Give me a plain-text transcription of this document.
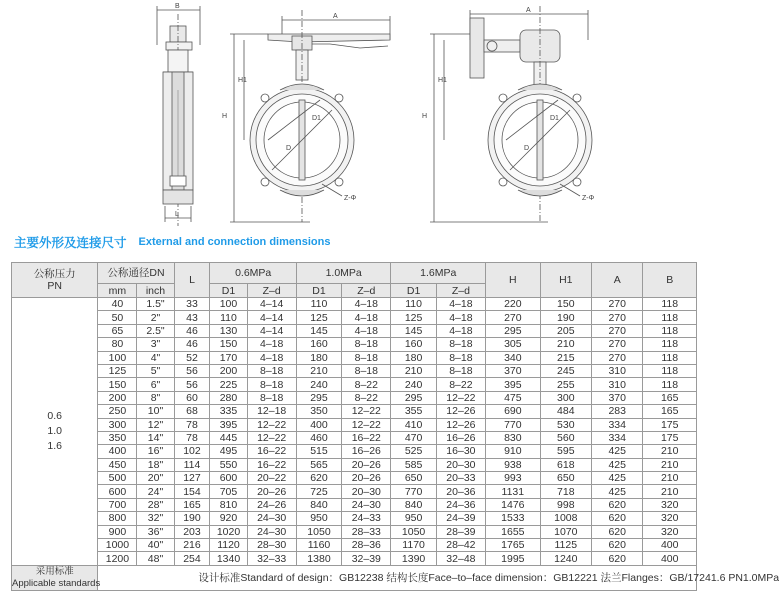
B
L
A
H
H1
D
D1
Z-Φ
A
H
H1
D
D1
Z-Φ
主要外形及连接尺寸 External and connection dimensions
公称压力
PN	公称通径DN		L	0.6MPa		1.0MPa		1.6MPa		H	H1	A	B
	mm	inch		D1	Z–d	D1	Z–d	D1	Z–d				

0.6
1.0
1.6	40	1.5"	33	100	4–14	110	4–18	110	4–18	220	150	270	118
	50	2"	43	110	4–14	125	4–18	125	4–18	270	190	270	118
	65	2.5"	46	130	4–14	145	4–18	145	4–18	295	205	270	118
	80	3"	46	150	4–18	160	8–18	160	8–18	305	210	270	118
	100	4"	52	170	4–18	180	8–18	180	8–18	340	215	270	118
	125	5"	56	200	8–18	210	8–18	210	8–18	370	245	310	118
	150	6"	56	225	8–18	240	8–22	240	8–22	395	255	310	118
	200	8"	60	280	8–18	295	8–22	295	12–22	475	300	370	165
	250	10"	68	335	12–18	350	12–22	355	12–26	690	484	283	165
	300	12"	78	395	12–22	400	12–22	410	12–26	770	530	334	175
	350	14"	78	445	12–22	460	16–22	470	16–26	830	560	334	175
	400	16"	102	495	16–22	515	16–26	525	16–30	910	595	425	210
	450	18"	114	550	16–22	565	20–26	585	20–30	938	618	425	210
	500	20"	127	600	20–22	620	20–26	650	20–33	993	650	425	210
	600	24"	154	705	20–26	725	20–30	770	20–36	1131	718	425	210
	700	28"	165	810	24–26	840	24–30	840	24–36	1476	998	620	320
	800	32"	190	920	24–30	950	24–33	950	24–39	1533	1008	620	320
	900	36"	203	1020	24–30	1050	28–33	1050	28–39	1655	1070	620	320
	1000	40"	216	1120	28–30	1160	28–36	1170	28–42	1765	1125	620	400
	1200	48"	254	1340	32–33	1380	32–39	1390	32–48	1995	1240	620	400

采用标准
Applicable standards	设计标准Standard of design：GB12238 结构长度Face–to–face dimension：GB12221 法兰Flanges：GB/17241.6 PN1.0MPa												
